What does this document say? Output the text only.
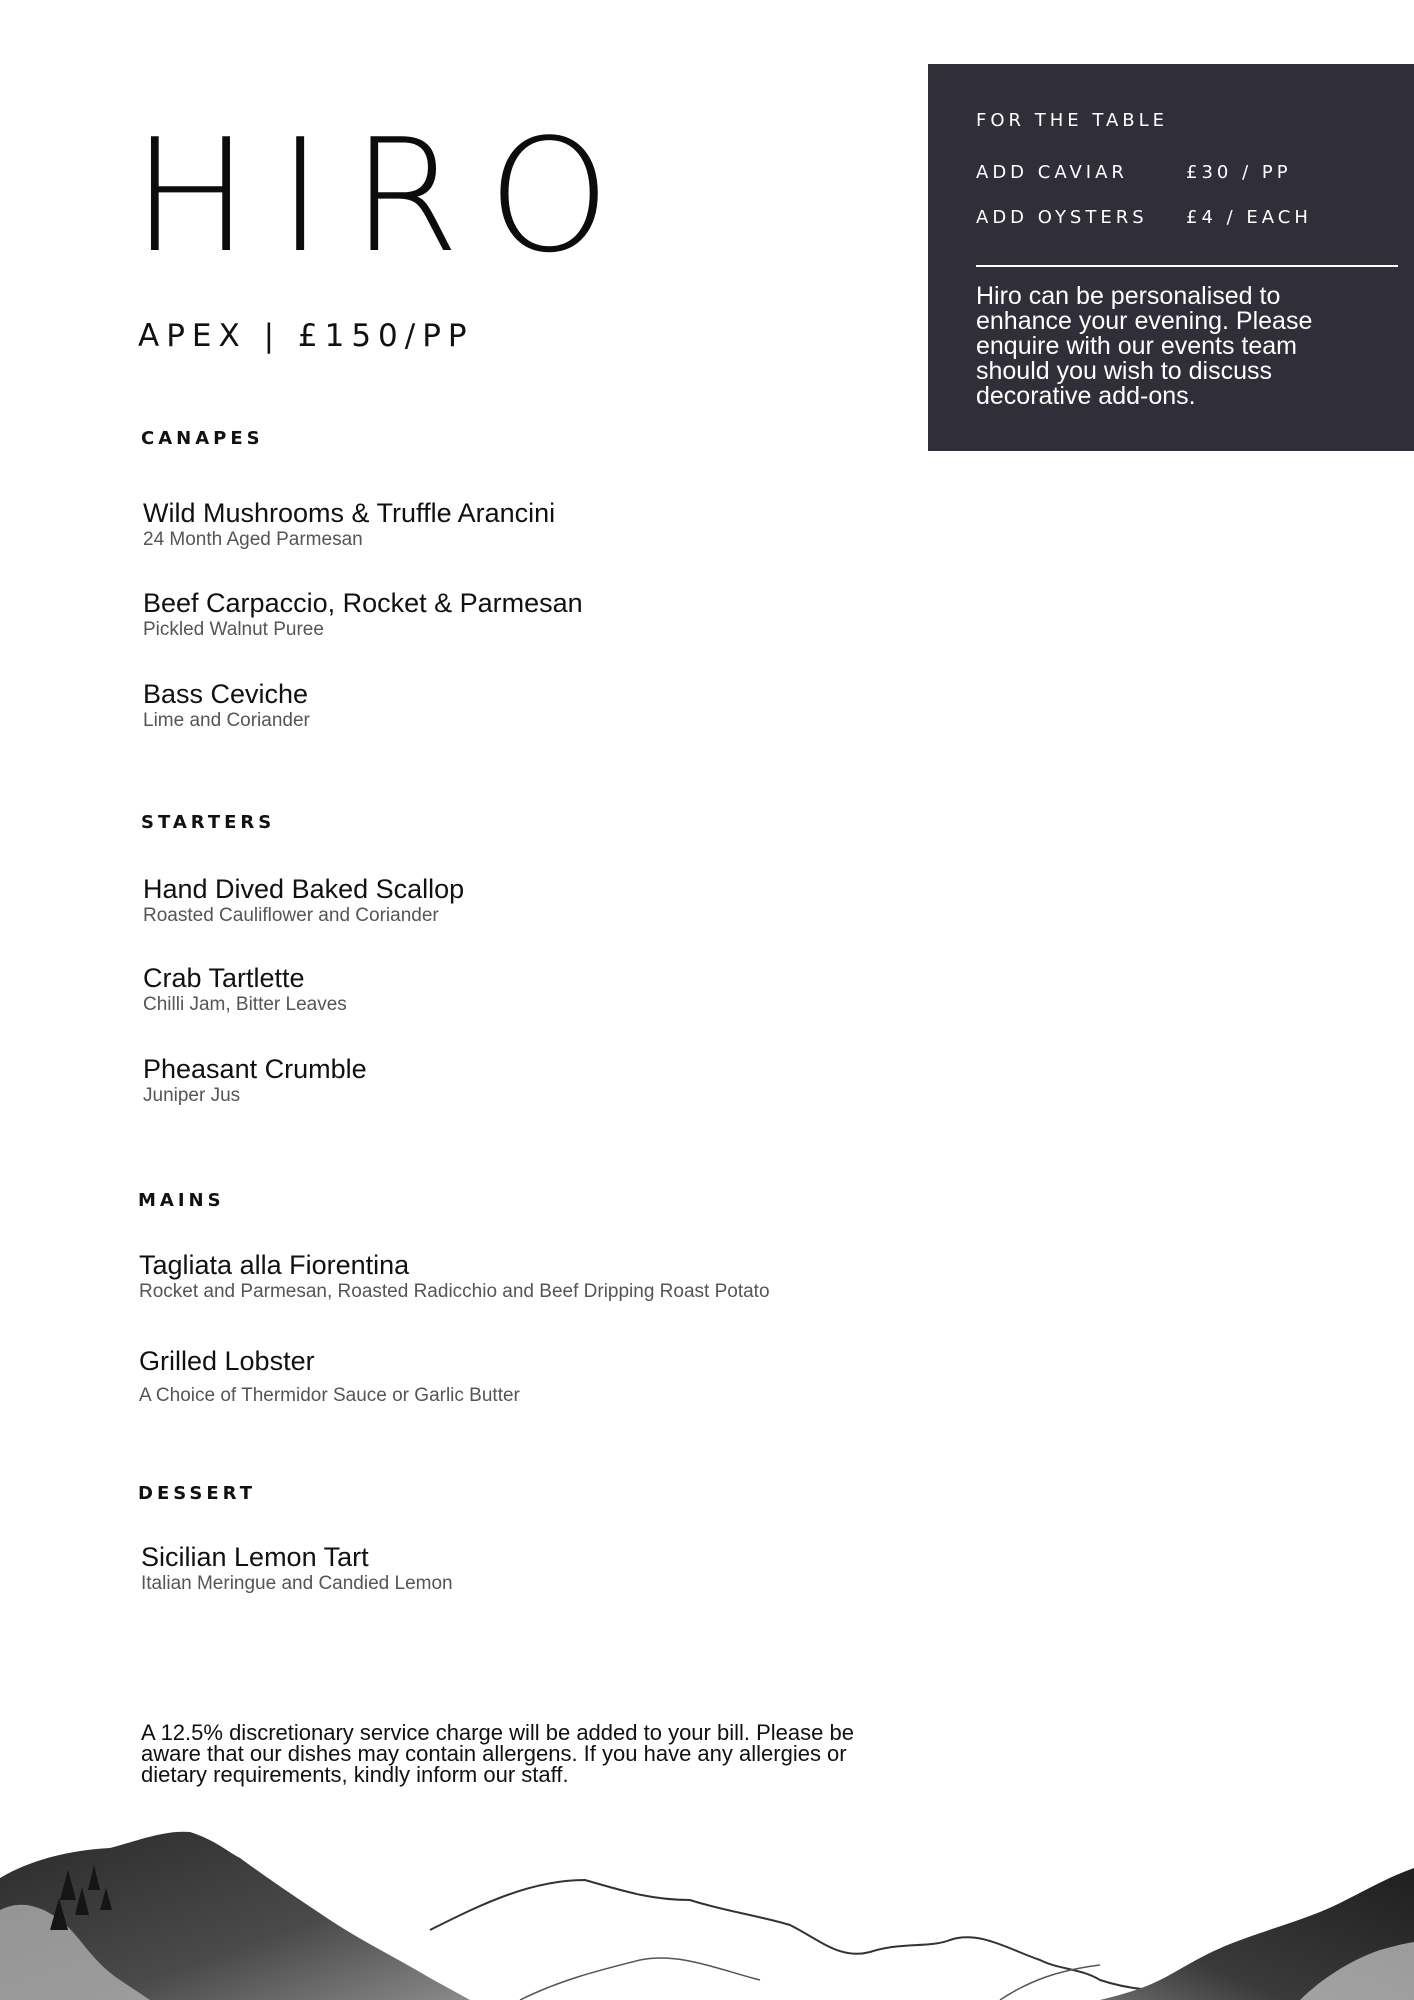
HIRO
APEX | £150/PP
CANAPES
Wild Mushrooms & Truffle Arancini
24 Month Aged Parmesan
Beef Carpaccio, Rocket & Parmesan
Pickled Walnut Puree
Bass Ceviche
Lime and Coriander
STARTERS
Hand Dived Baked Scallop
Roasted Cauliflower and Coriander
Crab Tartlette
Chilli Jam, Bitter Leaves
Pheasant Crumble
Juniper Jus
MAINS
Tagliata alla Fiorentina
Rocket and Parmesan, Roasted Radicchio and Beef Dripping Roast Potato
Grilled Lobster
A Choice of Thermidor Sauce or Garlic Butter
DESSERT
Sicilian Lemon Tart
Italian Meringue and Candied Lemon
FOR THE TABLE
ADD CAVIAR	£30 / PP
ADD OYSTERS £4 / EACH

Hiro can be personalised to enhance your evening. Please enquire with our events team should you wish to discuss decorative add-ons.

A 12.5% discretionary service charge will be added to your bill. Please be aware that our dishes may contain allergens. If you have any allergies or dietary requirements, kindly inform our staff.
